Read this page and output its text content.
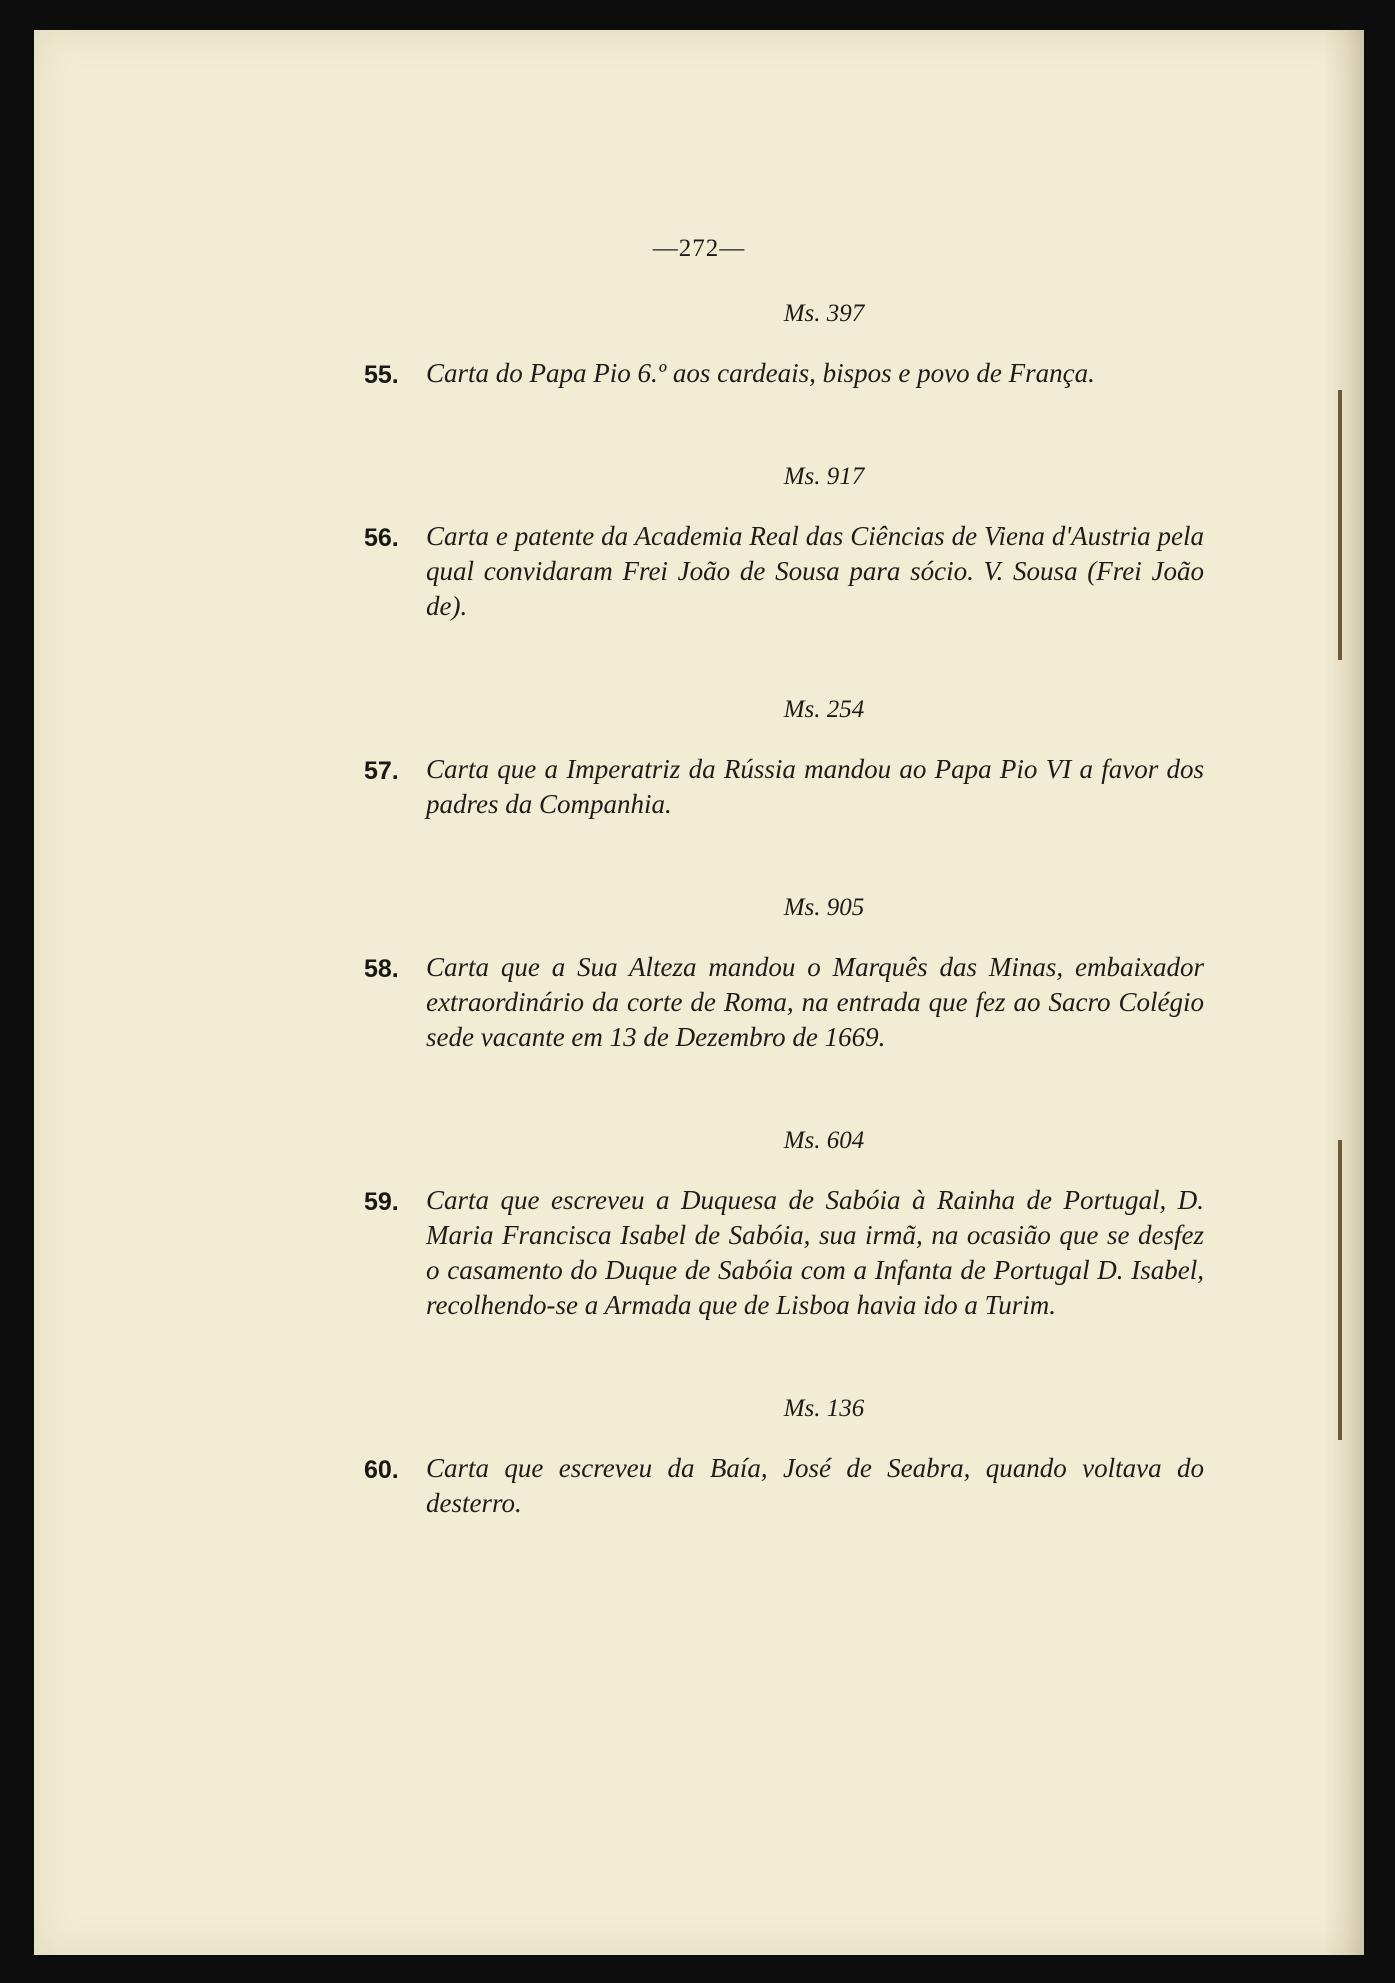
—272—
Ms. 397
55.	Carta do Papa Pio 6.º aos cardeais, bispos e povo de França.
Ms. 917
56.	Carta e patente da Academia Real das Ciências de Viena d'Austria pela qual convidaram Frei João de Sousa para sócio. V. Sousa (Frei João de).
Ms. 254
57.	Carta que a Imperatriz da Rússia mandou ao Papa Pio VI a favor dos padres da Companhia.
Ms. 905
58.	Carta que a Sua Alteza mandou o Marquês das Minas, embaixador extraordinário da corte de Roma, na entrada que fez ao Sacro Colégio sede vacante em 13 de Dezembro de 1669.
Ms. 604
59.	Carta que escreveu a Duquesa de Sabóia à Rainha de Portugal, D. Maria Francisca Isabel de Sabóia, sua irmã, na ocasião que se desfez o casamento do Duque de Sabóia com a Infanta de Portugal D. Isabel, recolhendo-se a Armada que de Lisboa havia ido a Turim.
Ms. 136
60.	Carta que escreveu da Baía, José de Seabra, quando voltava do desterro.
